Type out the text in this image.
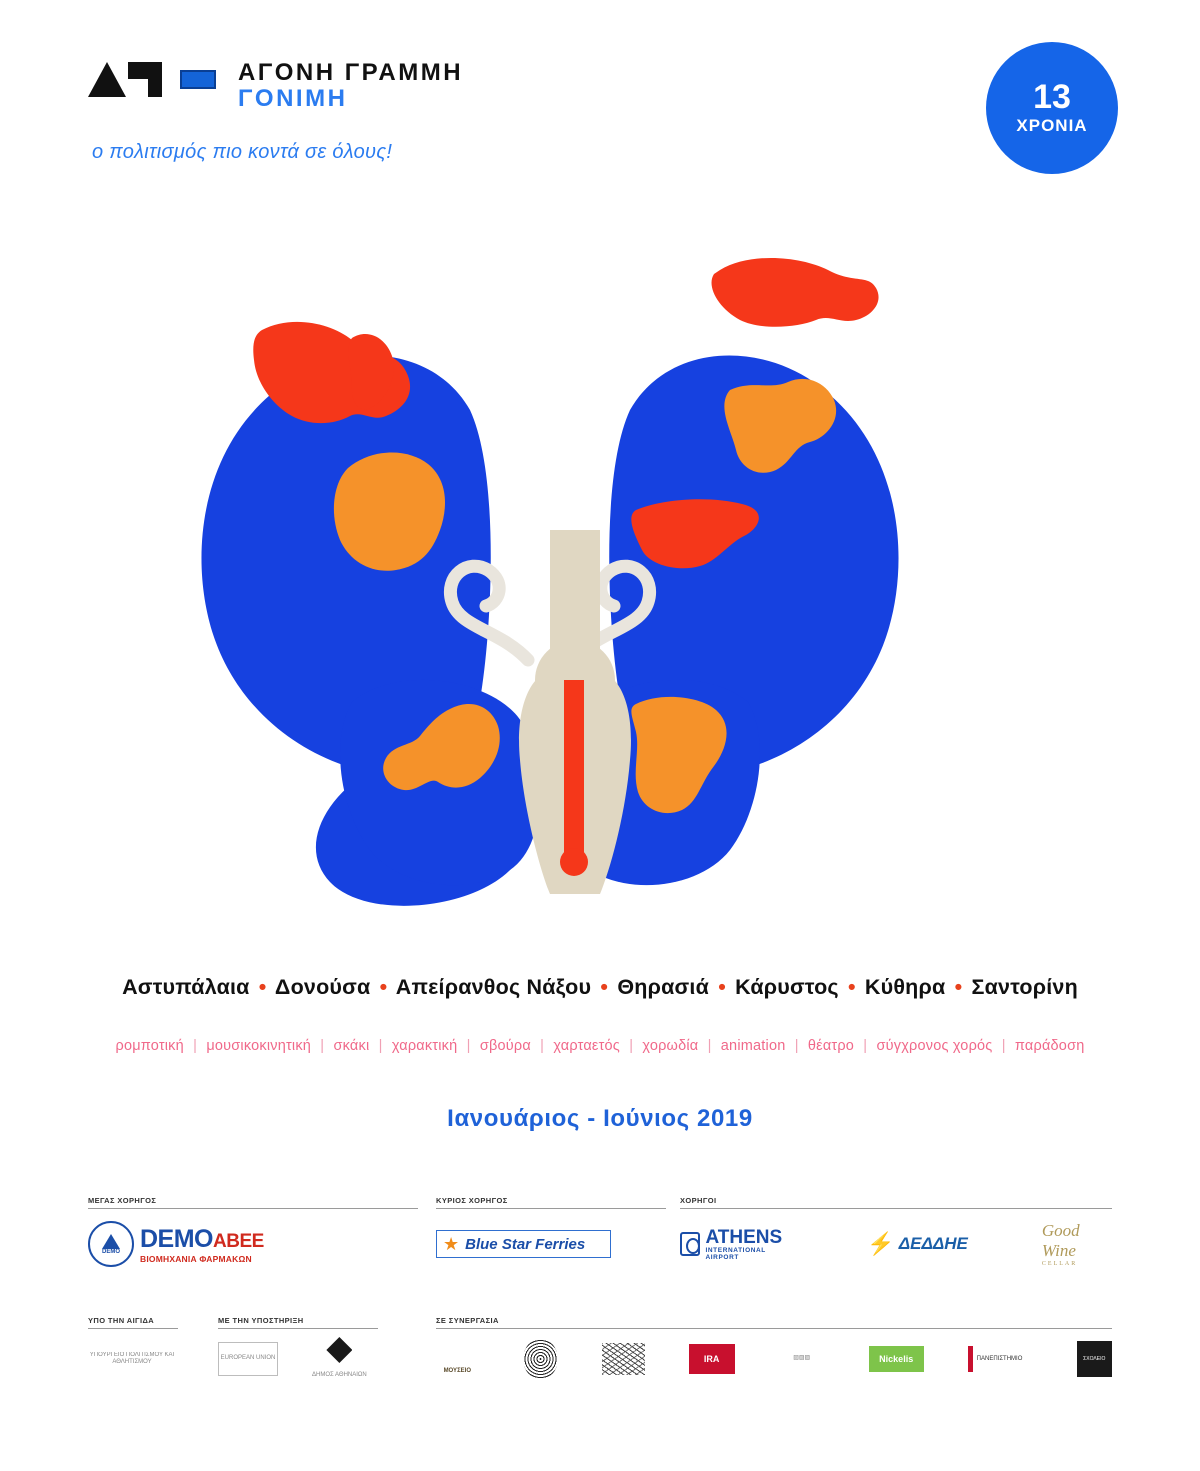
ΑΓΟΝΗ ΓΡΑΜΜΗ
ΓΟΝΙΜΗ
ο πολιτισμός πιο κοντά σε όλους!
13
ΧΡΟΝΙΑ
Αστυπάλαια • Δονούσα • Απείρανθος Νάξου • Θηρασιά • Κάρυστος • Κύθηρα • Σαντορίνη
ρομποτική | μουσικοκινητική | σκάκι | χαρακτική | σβούρα | χαρταετός | χορωδία | animation | θέατρο | σύγχρονος χορός | παράδοση
Ιανουάριος - Ιούνιος 2019
ΜΕΓΑΣ ΧΟΡΗΓΟΣ
DEMO DEMOABEE
ΒΙΟΜΗΧΑΝΙΑ ΦΑΡΜΑΚΩΝ
ΚΥΡΙΟΣ ΧΟΡΗΓΟΣ
★ Blue Star Ferries
ΧΟΡΗΓΟΙ
ATHENS
INTERNATIONAL AIRPORT
⚡ ΔΕΔΔΗΕ
Good Wine
CELLAR
ΥΠΟ ΤΗΝ ΑΙΓΙΔΑ
ΥΠΟΥΡΓΕΙΟ ΠΟΛΙΤΙΣΜΟΥ ΚΑΙ ΑΘΛΗΤΙΣΜΟΥ
ΜΕ ΤΗΝ ΥΠΟΣΤΗΡΙΞΗ
EUROPEAN UNION
ΔΗΜΟΣ ΑΘΗΝΑΙΩΝ
ΣΕ ΣΥΝΕΡΓΑΣΙΑ
ΜΟΥΣΕΙΟ
IRA	▨▨▨	Nickelis	ΠΑΝΕΠΙΣΤΗΜΙΟ	ΣΧΟΛΕΙΟ
